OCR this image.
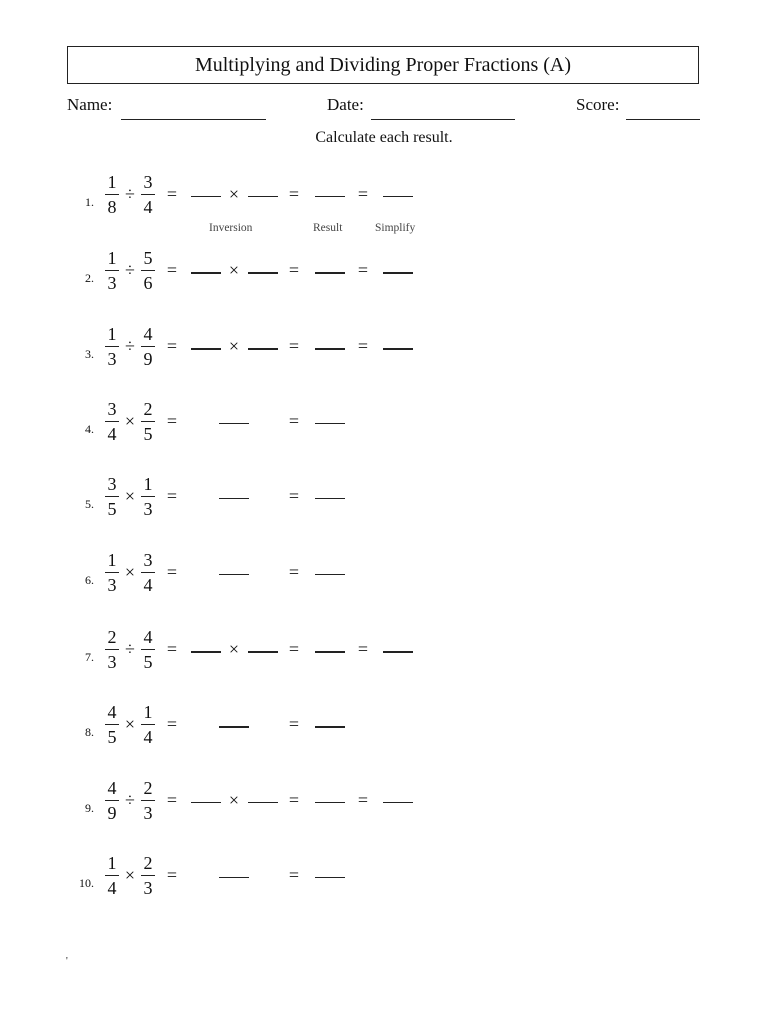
Multiplying and Dividing Proper Fractions (A)
Name:	Date:	Score:
Calculate each result.
1.
1
8
÷
3
4
=	×	=	=
Inversion	Result	Simplify
2.
1
3
÷
5
6
=	×	=	=
3.
1
3
÷
4
9
=	×	=	=
4.
3
4
×
2
5
=	=
5.
3
5
×
1
3
=	=
6.
1
3
×
3
4
=	=
7.
2
3
÷
4
5
=	×	=	=
8.
4
5
×
1
4
=	=
9.
4
9
÷
2
3
=	×	=	=
10.
1
4
×
2
3
=	=
'
